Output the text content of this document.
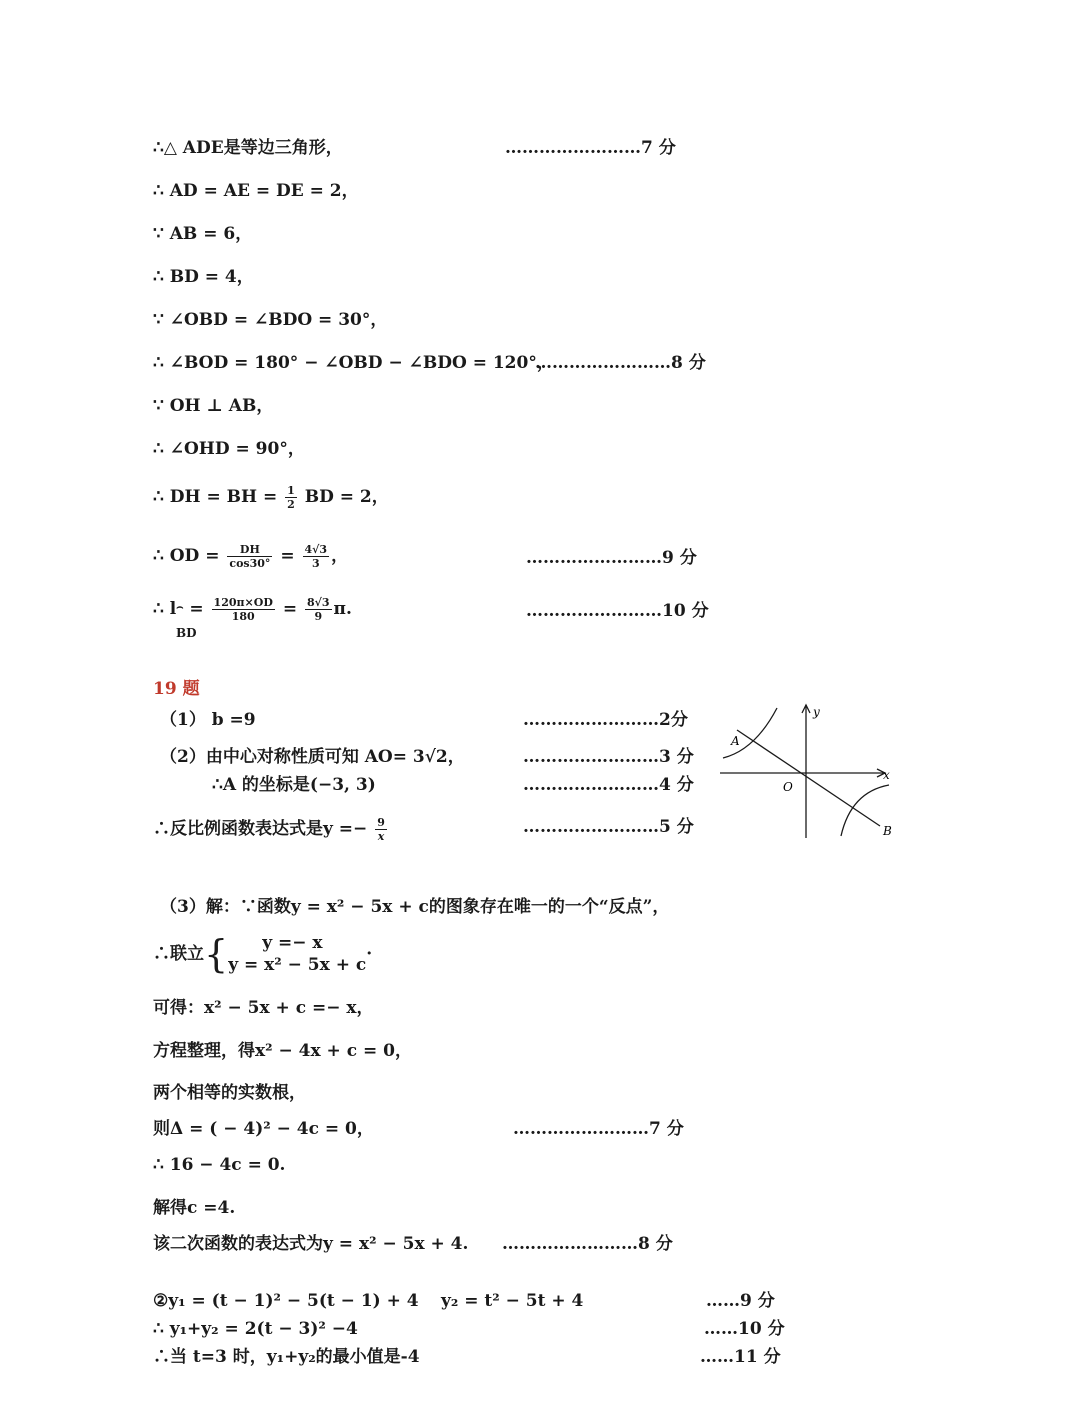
∴△ ADE是等边三角形，	……………………7 分
∴ AD = AE = DE = 2，
∵ AB = 6，
∴ BD = 4，
∵ ∠OBD = ∠BDO = 30°，
∴ ∠BOD = 180° − ∠OBD − ∠BDO = 120°，
……………………8 分
∵ OH ⊥ AB，
∴ ∠OHD = 90°，
∴ DH = BH = $\frac{1}{2}$ BD = 2，
∴ OD = $\frac{DH}{\cos 30^\circ} = \frac{4√3}{3}$ ，	……………………9 分
∴ $l^⌢ = \frac{120\pi\times OD}{180} = \frac{8√3}{9} \pi$.
BD
……………………10 分
19 题
（1） b =9	……………………2分
（2）由中心对称性质可知 AO= 3√2，	……………………3 分
∴A 的坐标是(−3, 3)	……………………4 分
∴反比例函数表达式是$y =- \frac{9}{x}$	……………………5 分
y
x
O
A
B
（3）解：∵函数y = x² − 5x + c的图象存在唯一的一个“反点”，
∴联立{	y =− x
y = x² − 5x + c
·
可得：x² − 5x + c =− x，
方程整理，得x² − 4x + c = 0，
两个相等的实数根，
则Δ = ( − 4)² − 4c = 0，	……………………7 分
∴ 16 − 4c = 0.
解得c =4.
该二次函数的表达式为y = x² − 5x + 4. ……………………8 分
②y₁ = (t − 1)² − 5(t − 1) + 4 y₂ = t² − 5t + 4	……9 分
∴ y₁+y₂ = 2(t − 3)² −4	……10 分
∴当 t=3 时，y₁+y₂的最小值是-4	……11 分
